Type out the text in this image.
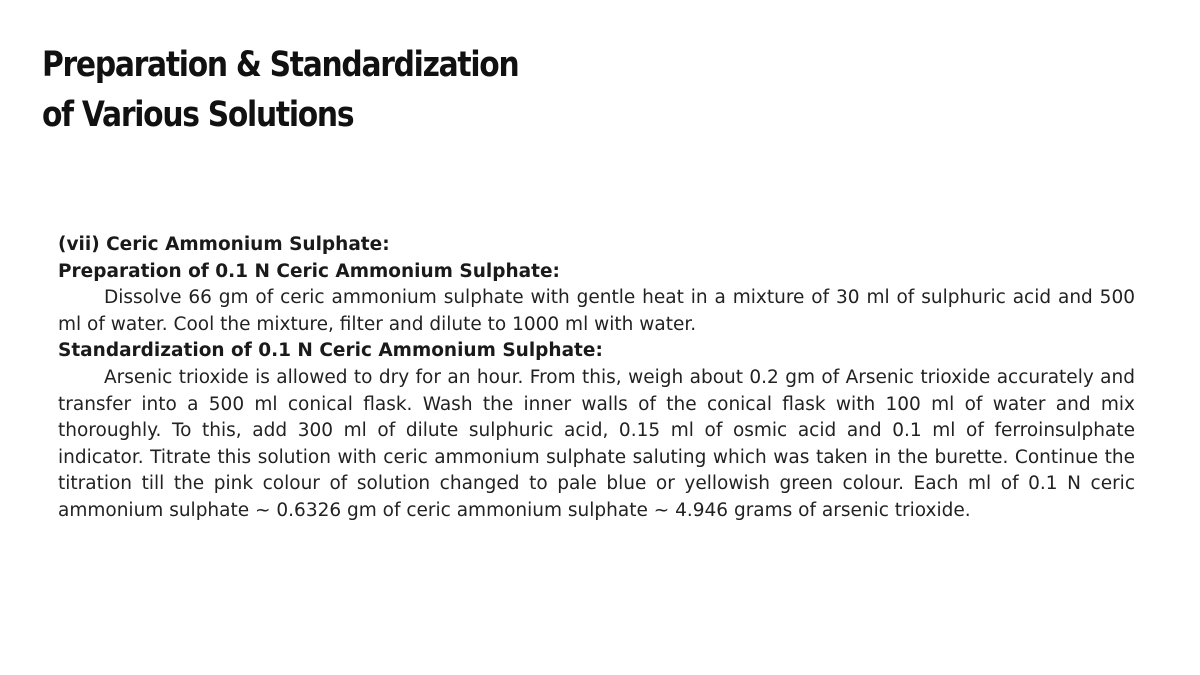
Preparation & Standardization
of Various Solutions

(vii) Ceric Ammonium Sulphate:

Preparation of 0.1 N Ceric Ammonium Sulphate:

Dissolve 66 gm of ceric ammonium sulphate with gentle heat in a mixture of 30 ml of sulphuric acid and 500 ml of water. Cool the mixture, filter and dilute to 1000 ml with water.

Standardization of 0.1 N Ceric Ammonium Sulphate:

Arsenic trioxide is allowed to dry for an hour. From this, weigh about 0.2 gm of Arsenic trioxide accurately and transfer into a 500 ml conical flask. Wash the inner walls of the conical flask with 100 ml of water and mix thoroughly. To this, add 300 ml of dilute sulphuric acid, 0.15 ml of osmic acid and 0.1 ml of ferroinsulphate indicator. Titrate this solution with ceric ammonium sulphate saluting which was taken in the burette. Continue the titration till the pink colour of solution changed to pale blue or yellowish green colour. Each ml of 0.1 N ceric ammonium sulphate ~ 0.6326 gm of ceric ammonium sulphate ~ 4.946 grams of arsenic trioxide.
